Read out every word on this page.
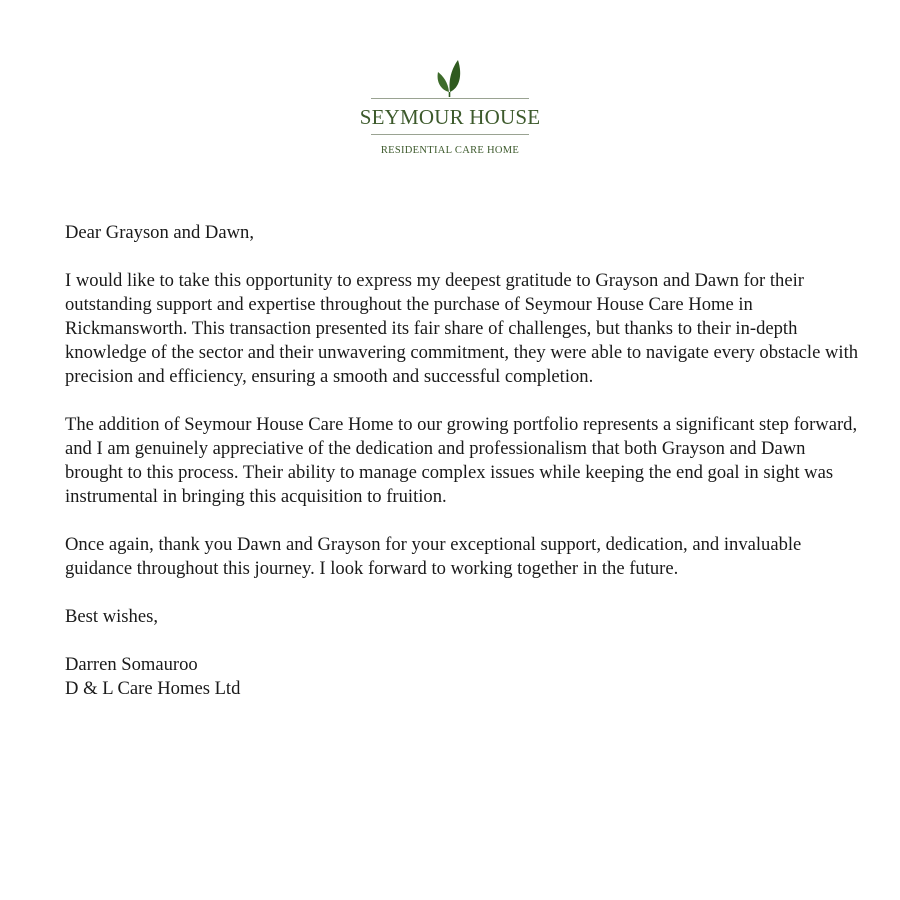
SEYMOUR HOUSE
RESIDENTIAL CARE HOME

Dear Grayson and Dawn,

I would like to take this opportunity to express my deepest gratitude to Grayson and Dawn for their outstanding support and expertise throughout the purchase of Seymour House Care Home in Rickmansworth. This transaction presented its fair share of challenges, but thanks to their in-depth knowledge of the sector and their unwavering commitment, they were able to navigate every obstacle with precision and efficiency, ensuring a smooth and successful completion.

The addition of Seymour House Care Home to our growing portfolio represents a significant step forward, and I am genuinely appreciative of the dedication and professionalism that both Grayson and Dawn brought to this process. Their ability to manage complex issues while keeping the end goal in sight was instrumental in bringing this acquisition to fruition.

Once again, thank you Dawn and Grayson for your exceptional support, dedication, and invaluable guidance throughout this journey. I look forward to working together in the future.

Best wishes,

Darren Somauroo

D & L Care Homes Ltd
